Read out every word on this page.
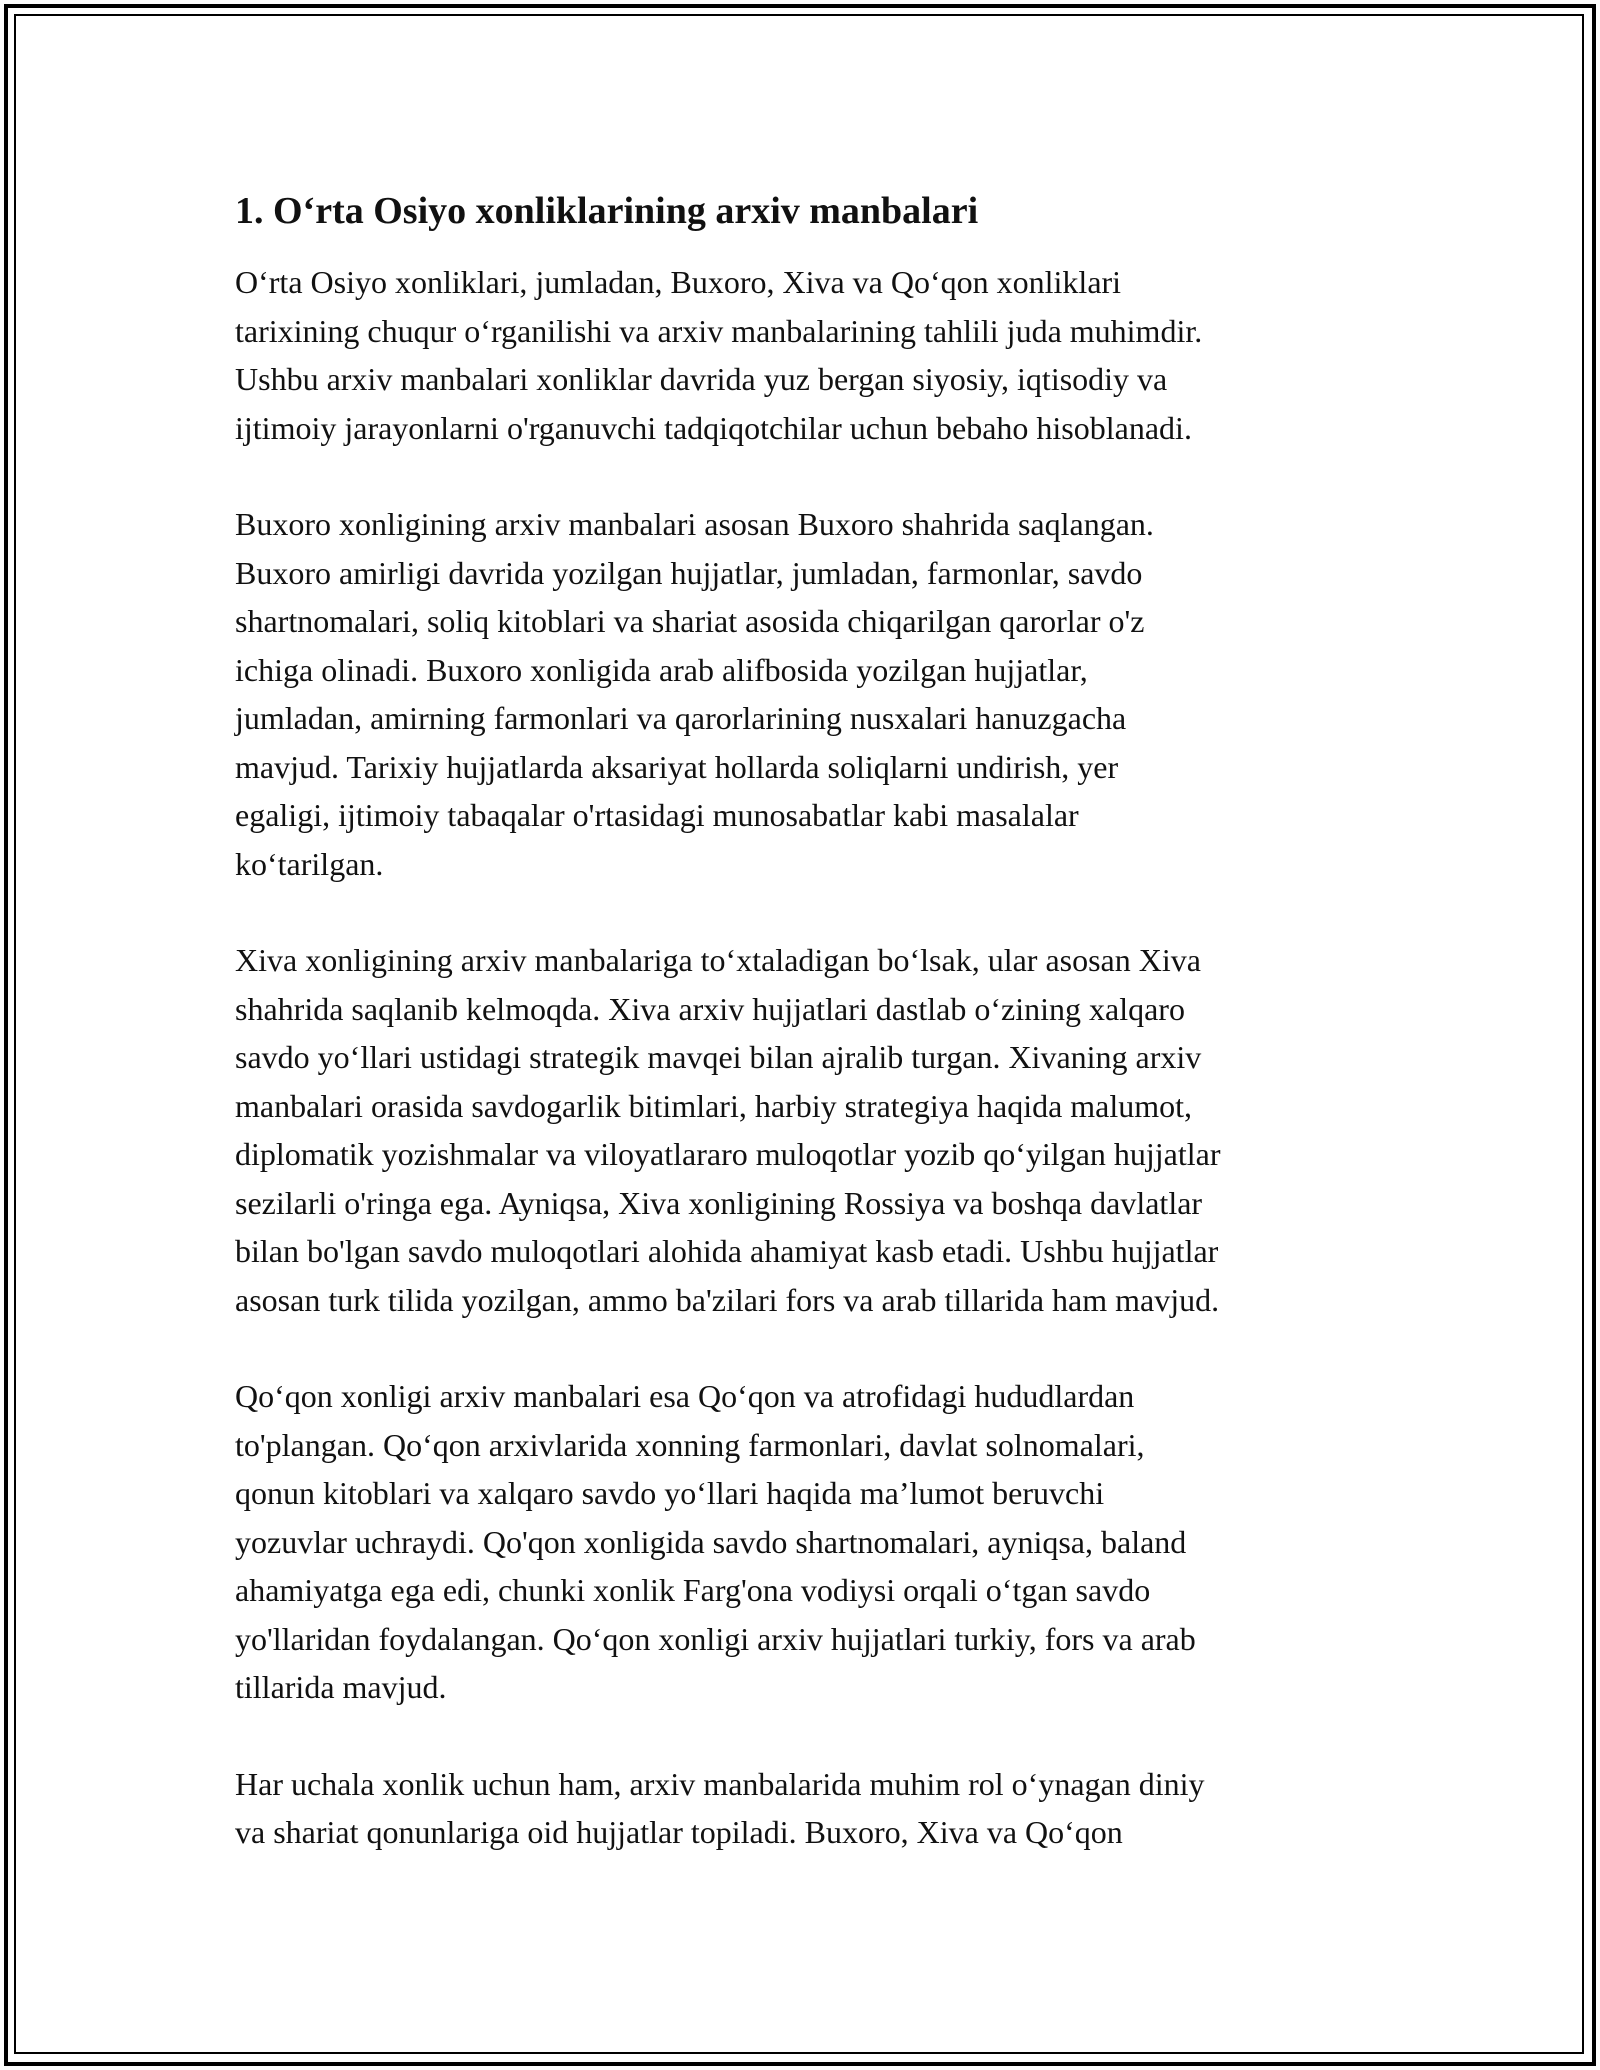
1. O‘rta Osiyo xonliklarining arxiv manbalari

O‘rta Osiyo xonliklari, jumladan, Buxoro, Xiva va Qo‘qon xonliklari
tarixining chuqur o‘rganilishi va arxiv manbalarining tahlili juda muhimdir.
Ushbu arxiv manbalari xonliklar davrida yuz bergan siyosiy, iqtisodiy va
ijtimoiy jarayonlarni o'rganuvchi tadqiqotchilar uchun bebaho hisoblanadi.

Buxoro xonligining arxiv manbalari asosan Buxoro shahrida saqlangan.
Buxoro amirligi davrida yozilgan hujjatlar, jumladan, farmonlar, savdo
shartnomalari, soliq kitoblari va shariat asosida chiqarilgan qarorlar o'z
ichiga olinadi. Buxoro xonligida arab alifbosida yozilgan hujjatlar,
jumladan, amirning farmonlari va qarorlarining nusxalari hanuzgacha
mavjud. Tarixiy hujjatlarda aksariyat hollarda soliqlarni undirish, yer
egaligi, ijtimoiy tabaqalar o'rtasidagi munosabatlar kabi masalalar
ko‘tarilgan.

Xiva xonligining arxiv manbalariga to‘xtaladigan bo‘lsak, ular asosan Xiva
shahrida saqlanib kelmoqda. Xiva arxiv hujjatlari dastlab o‘zining xalqaro
savdo yo‘llari ustidagi strategik mavqei bilan ajralib turgan. Xivaning arxiv
manbalari orasida savdogarlik bitimlari, harbiy strategiya haqida malumot,
diplomatik yozishmalar va viloyatlararo muloqotlar yozib qo‘yilgan hujjatlar
sezilarli o'ringa ega. Ayniqsa, Xiva xonligining Rossiya va boshqa davlatlar
bilan bo'lgan savdo muloqotlari alohida ahamiyat kasb etadi. Ushbu hujjatlar
asosan turk tilida yozilgan, ammo ba'zilari fors va arab tillarida ham mavjud.

Qo‘qon xonligi arxiv manbalari esa Qo‘qon va atrofidagi hududlardan
to'plangan. Qo‘qon arxivlarida xonning farmonlari, davlat solnomalari,
qonun kitoblari va xalqaro savdo yo‘llari haqida ma’lumot beruvchi
yozuvlar uchraydi. Qo'qon xonligida savdo shartnomalari, ayniqsa, baland
ahamiyatga ega edi, chunki xonlik Farg'ona vodiysi orqali o‘tgan savdo
yo'llaridan foydalangan. Qo‘qon xonligi arxiv hujjatlari turkiy, fors va arab
tillarida mavjud.

Har uchala xonlik uchun ham, arxiv manbalarida muhim rol o‘ynagan diniy
va shariat qonunlariga oid hujjatlar topiladi. Buxoro, Xiva va Qo‘qon
